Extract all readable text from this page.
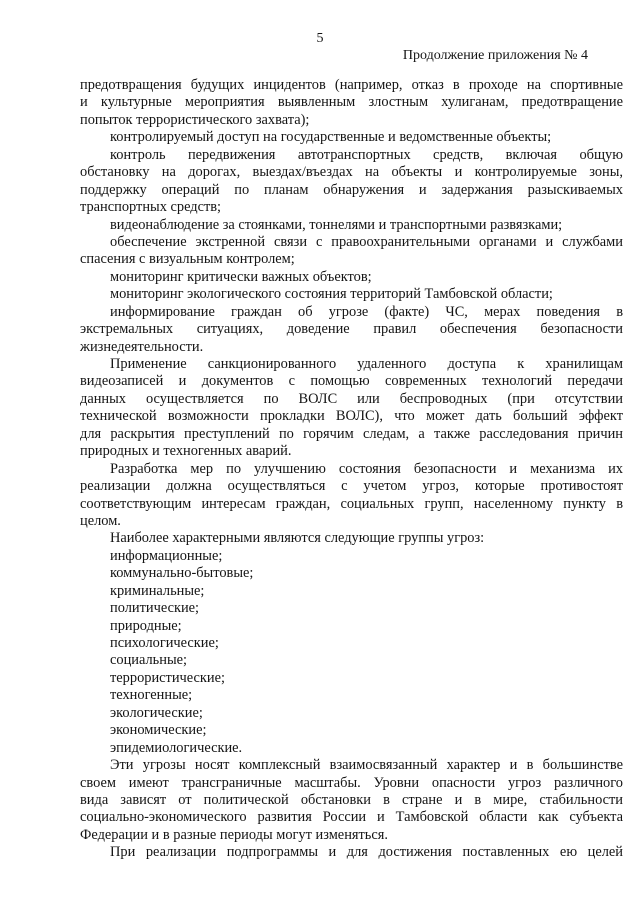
5
Продолжение приложения № 4
предотвращения будущих инцидентов (например, отказ в проходе на спортивные
и культурные мероприятия выявленным злостным хулиганам, предотвращение
попыток террористического захвата);
контролируемый доступ на государственные и ведомственные объекты;
контроль передвижения автотранспортных средств, включая общую
обстановку на дорогах, выездах/въездах на объекты и контролируемые зоны,
поддержку операций по планам обнаружения и задержания разыскиваемых
транспортных средств;
видеонаблюдение за стоянками, тоннелями и транспортными развязками;
обеспечение экстренной связи с правоохранительными органами и службами
спасения с визуальным контролем;
мониторинг критически важных объектов;
мониторинг экологического состояния территорий Тамбовской области;
информирование граждан об угрозе (факте) ЧС, мерах поведения в
экстремальных ситуациях, доведение правил обеспечения безопасности
жизнедеятельности.
Применение санкционированного удаленного доступа к хранилищам
видеозаписей и документов с помощью современных технологий передачи
данных осуществляется по ВОЛС или беспроводных (при отсутствии
технической возможности прокладки ВОЛС), что может дать больший эффект
для раскрытия преступлений по горячим следам, а также расследования причин
природных и техногенных аварий.
Разработка мер по улучшению состояния безопасности и механизма их
реализации должна осуществляться с учетом угроз, которые противостоят
соответствующим интересам граждан, социальных групп, населенному пункту в
целом.
Наиболее характерными являются следующие группы угроз:
информационные;
коммунально-бытовые;
криминальные;
политические;
природные;
психологические;
социальные;
террористические;
техногенные;
экологические;
экономические;
эпидемиологические.
Эти угрозы носят комплексный взаимосвязанный характер и в большинстве
своем имеют трансграничные масштабы. Уровни опасности угроз различного
вида зависят от политической обстановки в стране и в мире, стабильности
социально-экономического развития России и Тамбовской области как субъекта
Федерации и в разные периоды могут изменяться.
При реализации подпрограммы и для достижения поставленных ею целей
